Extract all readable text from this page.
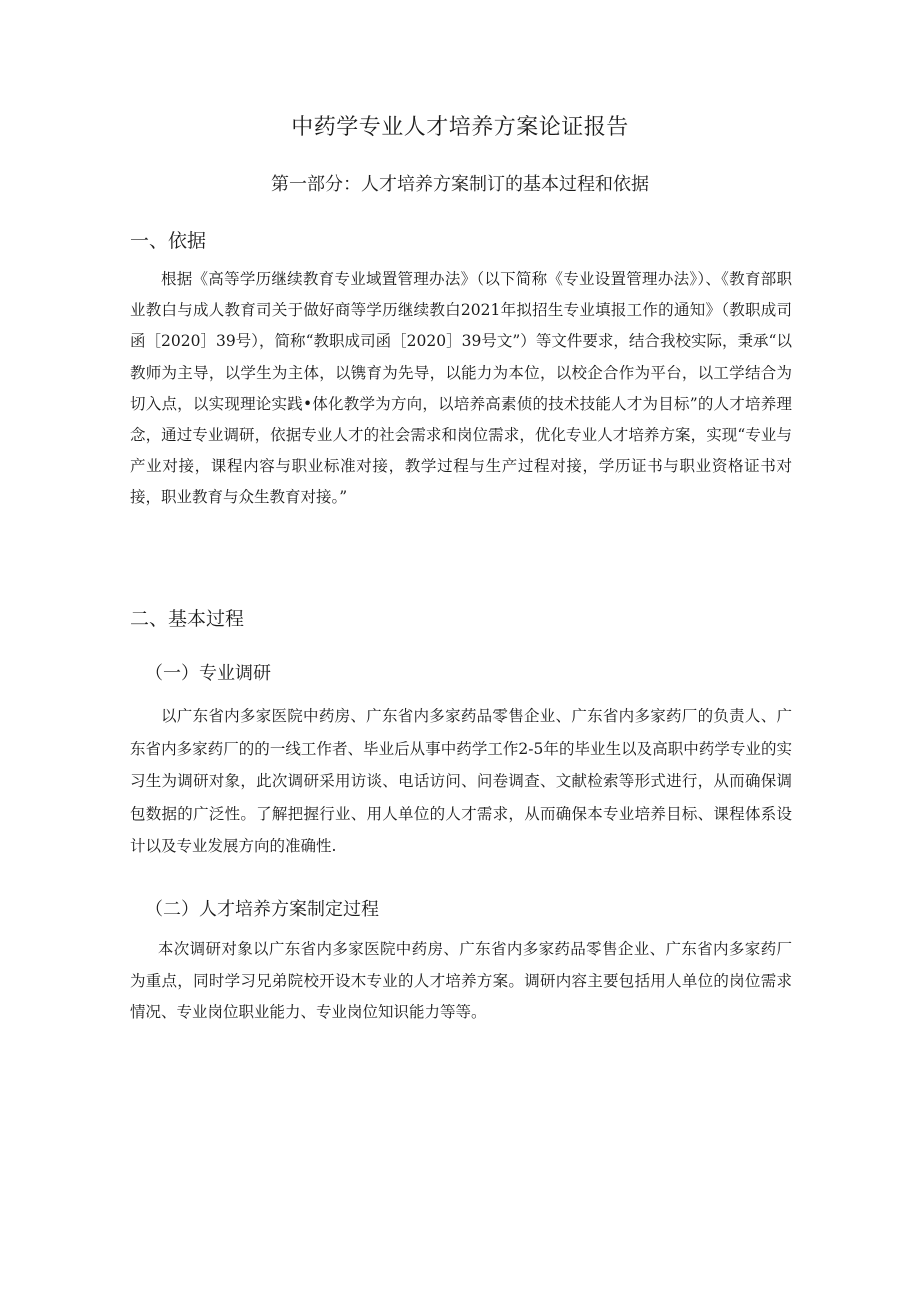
中药学专业人才培养方案论证报告
第一部分：人才培养方案制订的基本过程和依据
一、依据

根据《高等学历继续教育专业域置管理办法》（以下简称《专业设置管理办法》）、《教育部职业教白与成人教育司关于做好商等学历继续教白2021年拟招生专业填报工作的通知》（教职成司函［2020］39号），简称“教职成司函［2020］39号文”）等文件要求，结合我校实际，秉承“以教师为主导，以学生为主体，以镌育为先导，以能力为本位，以校企合作为平台，以工学结合为切入点，以实现理论实践•体化教学为方向，以培养高素侦的技术技能人才为目标”的人才培养理念，通过专业调研，依据专业人才的社会需求和岗位需求，优化专业人才培养方案，实现“专业与产业对接，课程内容与职业标准对接，教学过程与生产过程对接，学历证书与职业资格证书对接，职业教育与众生教育对接。”

二、基本过程
（一）专业调研

以广东省内多家医院中药房、广东省内多家药品零售企业、广东省内多家药厂的负责人、广东省内多家药厂的的一线工作者、毕业后从事中药学工作2-5年的毕业生以及高职中药学专业的实习生为调研对象，此次调研采用访谈、电话访问、问卷调查、文献检索等形式进行，从而确保调包数据的广泛性。了解把握行业、用人单位的人才需求，从而确保本专业培养目标、课程体系设计以及专业发展方向的准确性.

（二）人才培养方案制定过程

本次调研对象以广东省内多家医院中药房、广东省内多家药品零售企业、广东省内多家药厂为重点，同时学习兄弟院校开设木专业的人才培养方案。调研内容主要包括用人单位的岗位需求情况、专业岗位职业能力、专业岗位知识能力等等。
